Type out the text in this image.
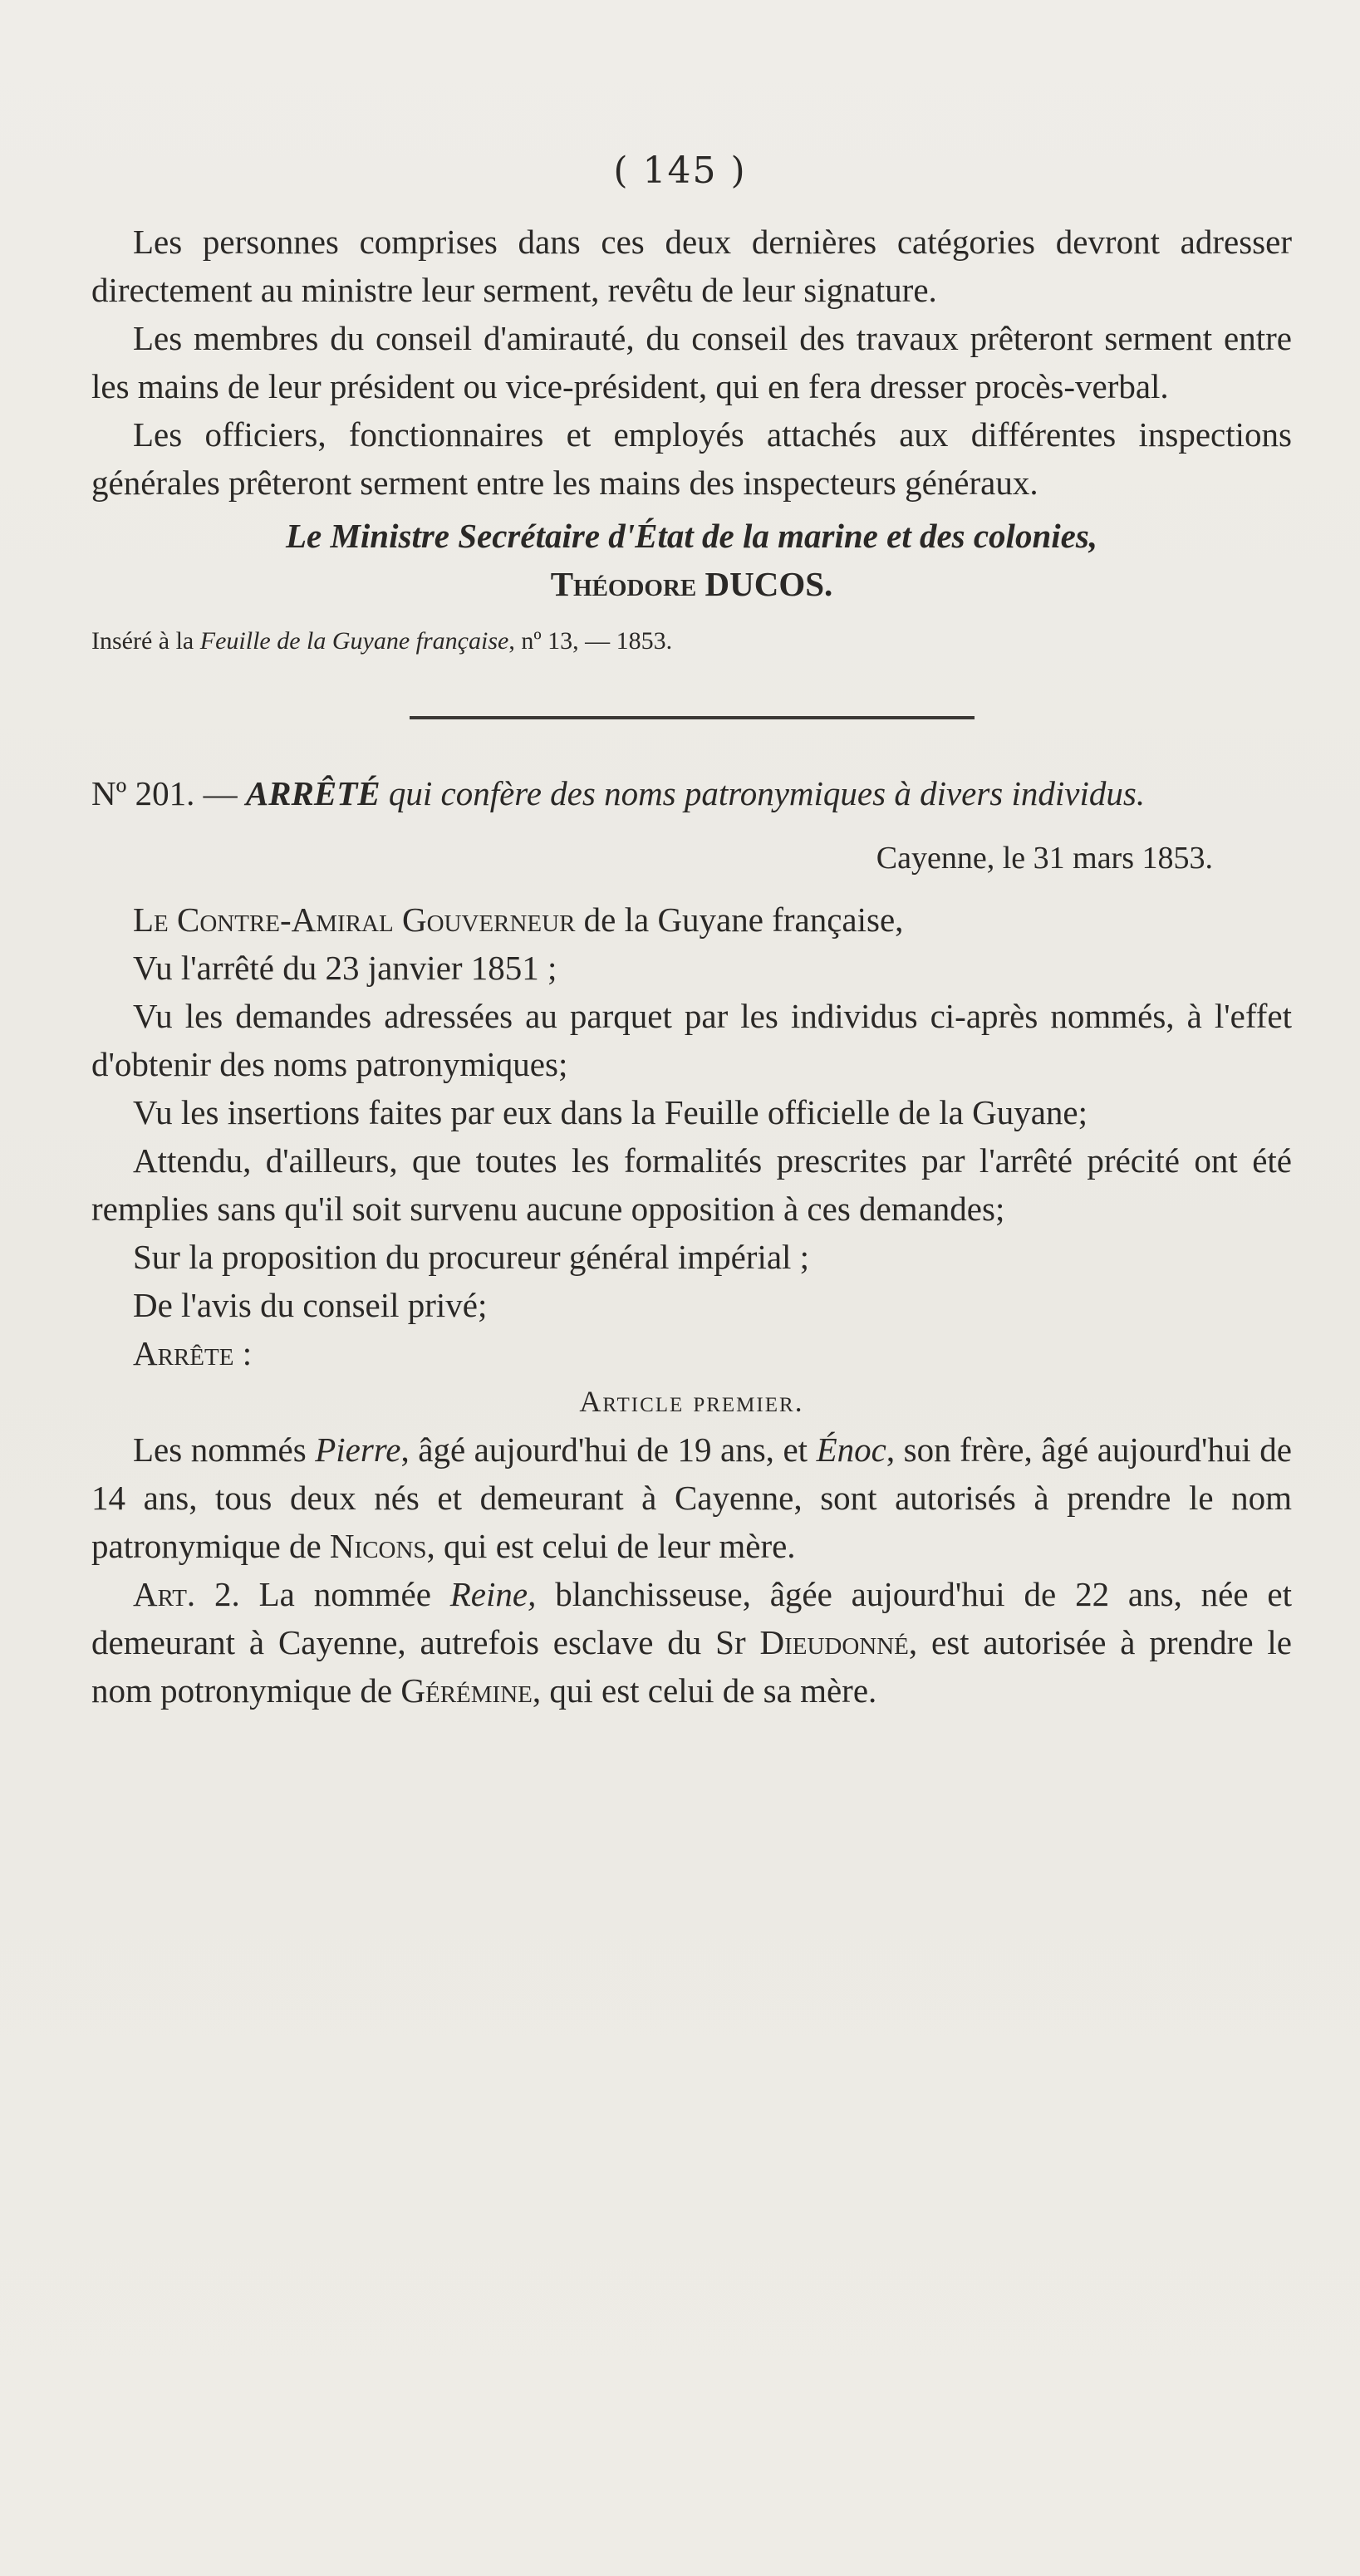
( 145 )

Les personnes comprises dans ces deux dernières catégories devront adresser directement au ministre leur serment, revêtu de leur signature.

Les membres du conseil d'amirauté, du conseil des travaux prêteront serment entre les mains de leur président ou vice-président, qui en fera dresser procès-verbal.

Les officiers, fonctionnaires et employés attachés aux différentes inspections générales prêteront serment entre les mains des inspecteurs généraux.

Le Ministre Secrétaire d'État de la marine et des colonies,
Théodore DUCOS.

Inséré à la Feuille de la Guyane française, nº 13, — 1853.

Nº 201. — ARRÊTÉ qui confère des noms patronymiques à divers individus.

Cayenne, le 31 mars 1853.

Le Contre-Amiral Gouverneur de la Guyane française,

Vu l'arrêté du 23 janvier 1851 ;

Vu les demandes adressées au parquet par les individus ci-après nommés, à l'effet d'obtenir des noms patronymiques;

Vu les insertions faites par eux dans la Feuille officielle de la Guyane;

Attendu, d'ailleurs, que toutes les formalités prescrites par l'arrêté précité ont été remplies sans qu'il soit survenu aucune opposition à ces demandes;

Sur la proposition du procureur général impérial ;

De l'avis du conseil privé;

Arrête :

Article premier.

Les nommés Pierre, âgé aujourd'hui de 19 ans, et Énoc, son frère, âgé aujourd'hui de 14 ans, tous deux nés et demeurant à Cayenne, sont autorisés à prendre le nom patronymique de Nicons, qui est celui de leur mère.

Art. 2. La nommée Reine, blanchisseuse, âgée aujourd'hui de 22 ans, née et demeurant à Cayenne, autrefois esclave du Sr Dieudonné, est autorisée à prendre le nom potronymique de Gérémine, qui est celui de sa mère.
